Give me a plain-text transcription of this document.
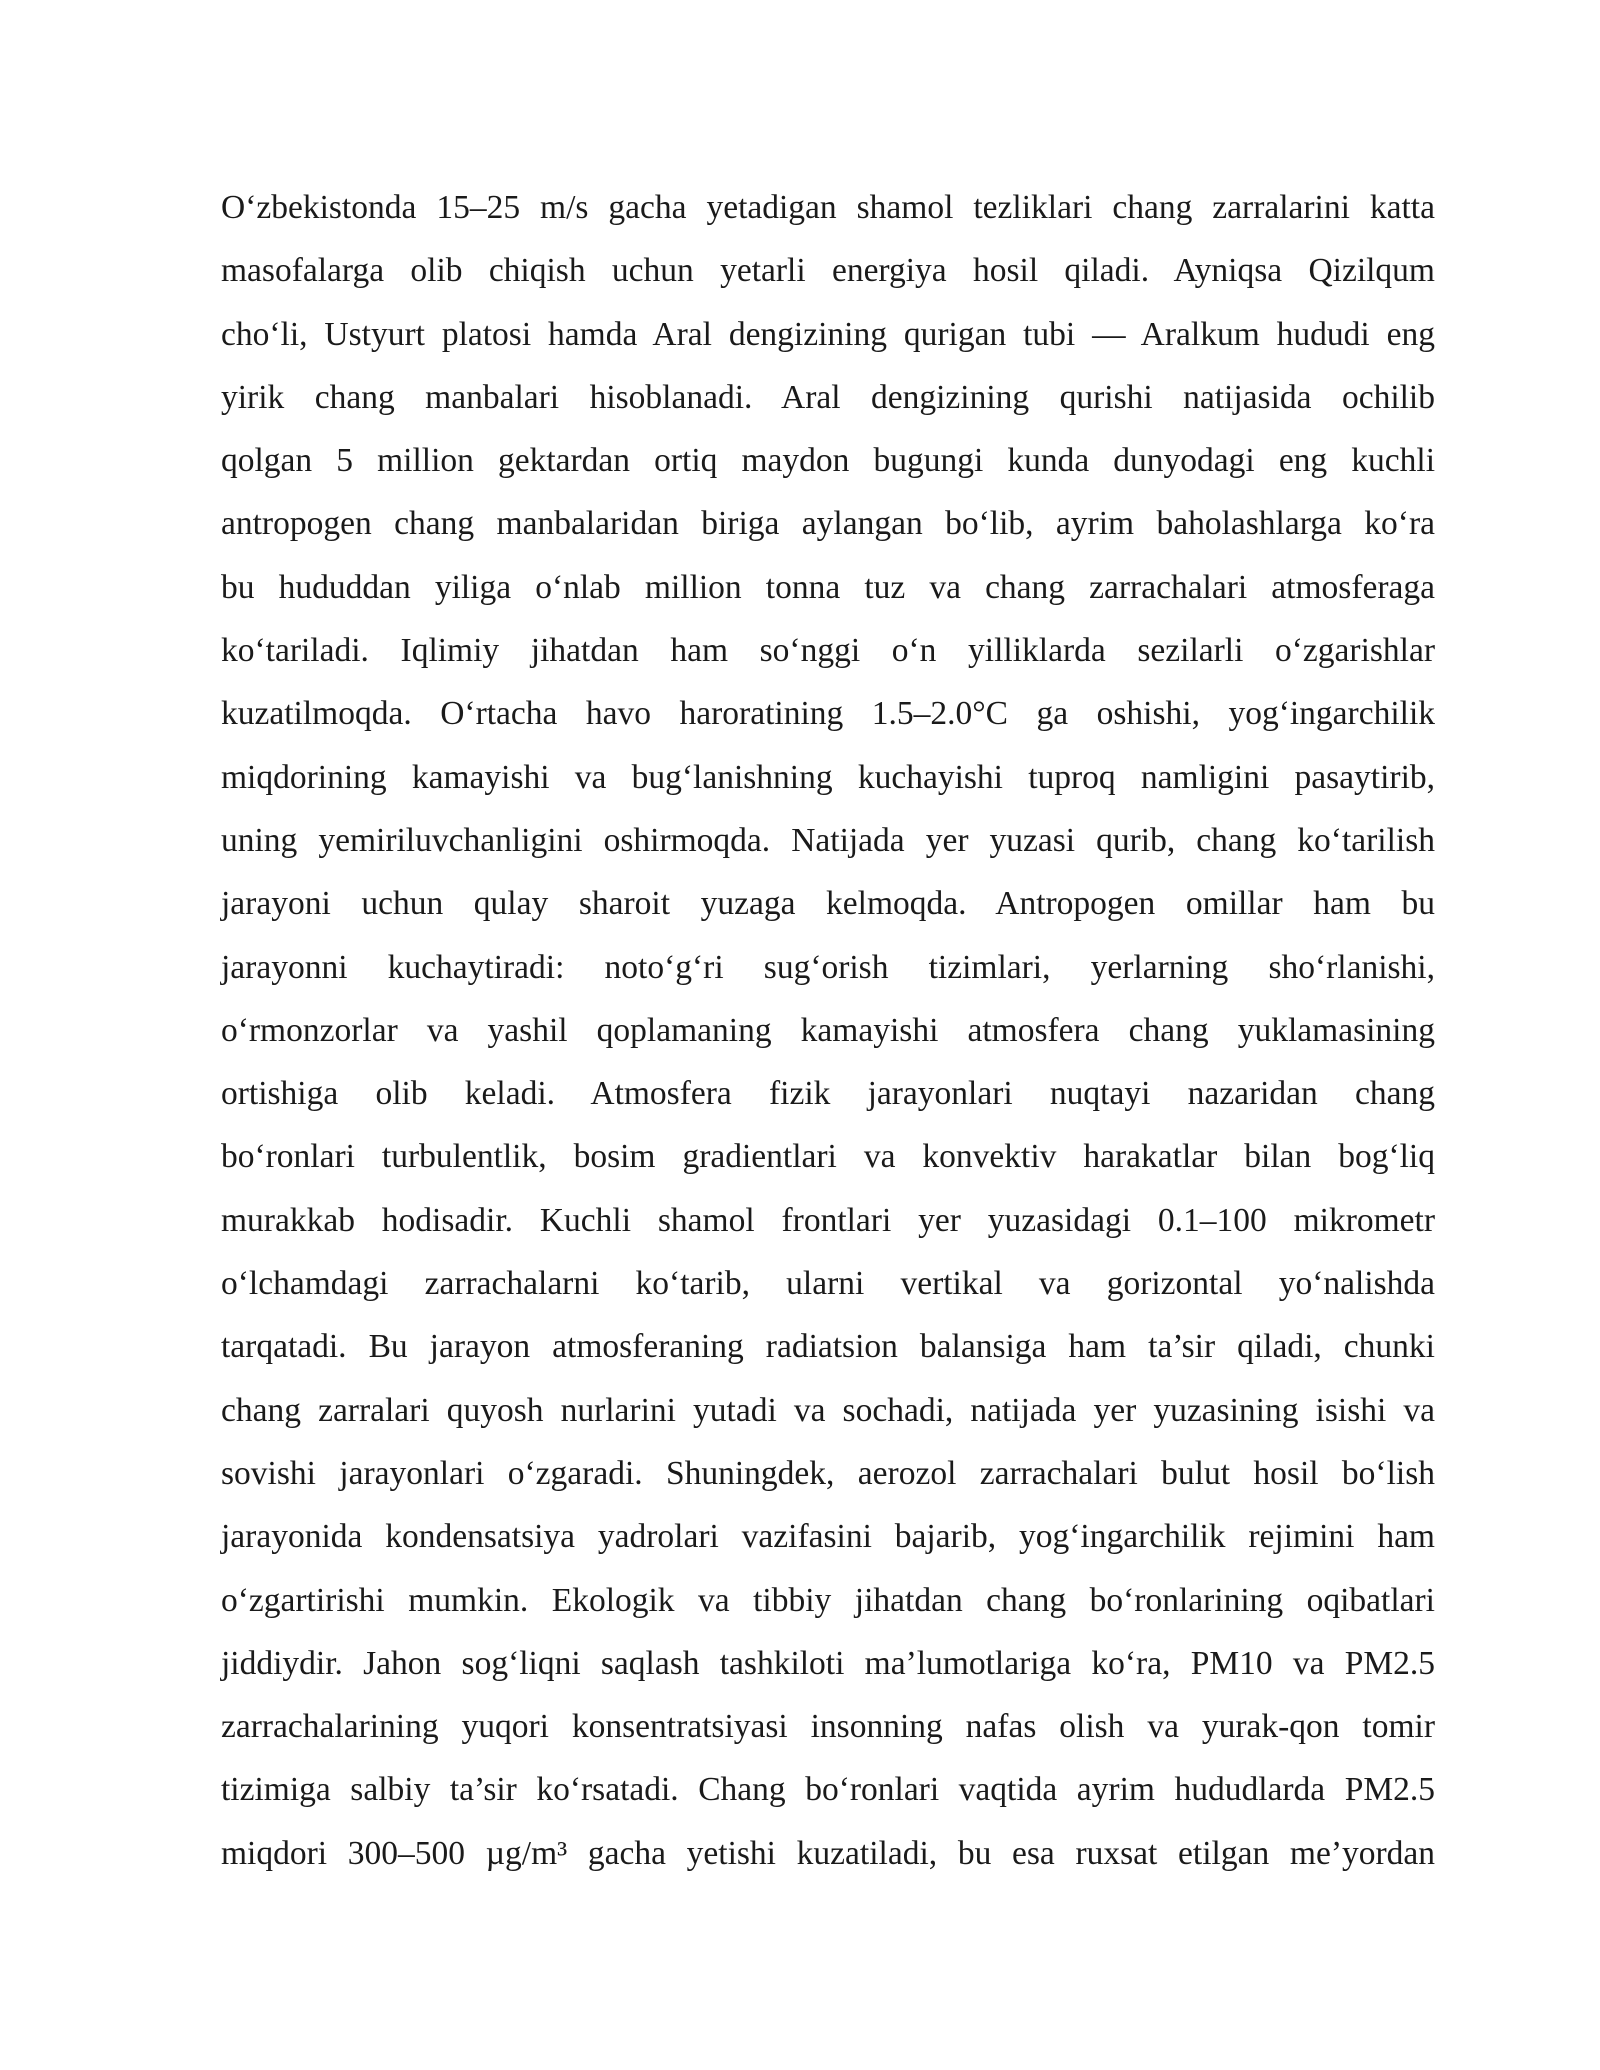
O‘zbekistonda 15–25 m/s gacha yetadigan shamol tezliklari chang zarralarini katta
masofalarga olib chiqish uchun yetarli energiya hosil qiladi. Ayniqsa Qizilqum
cho‘li, Ustyurt platosi hamda Aral dengizining qurigan tubi — Aralkum hududi eng
yirik chang manbalari hisoblanadi. Aral dengizining qurishi natijasida ochilib
qolgan 5 million gektardan ortiq maydon bugungi kunda dunyodagi eng kuchli
antropogen chang manbalaridan biriga aylangan bo‘lib, ayrim baholashlarga ko‘ra
bu hududdan yiliga o‘nlab million tonna tuz va chang zarrachalari atmosferaga
ko‘tariladi. Iqlimiy jihatdan ham so‘nggi o‘n yilliklarda sezilarli o‘zgarishlar
kuzatilmoqda. O‘rtacha havo haroratining 1.5–2.0°C ga oshishi, yog‘ingarchilik
miqdorining kamayishi va bug‘lanishning kuchayishi tuproq namligini pasaytirib,
uning yemiriluvchanligini oshirmoqda. Natijada yer yuzasi qurib, chang ko‘tarilish
jarayoni uchun qulay sharoit yuzaga kelmoqda. Antropogen omillar ham bu
jarayonni kuchaytiradi: noto‘g‘ri sug‘orish tizimlari, yerlarning sho‘rlanishi,
o‘rmonzorlar va yashil qoplamaning kamayishi atmosfera chang yuklamasining
ortishiga olib keladi. Atmosfera fizik jarayonlari nuqtayi nazaridan chang
bo‘ronlari turbulentlik, bosim gradientlari va konvektiv harakatlar bilan bog‘liq
murakkab hodisadir. Kuchli shamol frontlari yer yuzasidagi 0.1–100 mikrometr
o‘lchamdagi zarrachalarni ko‘tarib, ularni vertikal va gorizontal yo‘nalishda
tarqatadi. Bu jarayon atmosferaning radiatsion balansiga ham ta’sir qiladi, chunki
chang zarralari quyosh nurlarini yutadi va sochadi, natijada yer yuzasining isishi va
sovishi jarayonlari o‘zgaradi. Shuningdek, aerozol zarrachalari bulut hosil bo‘lish
jarayonida kondensatsiya yadrolari vazifasini bajarib, yog‘ingarchilik rejimini ham
o‘zgartirishi mumkin. Ekologik va tibbiy jihatdan chang bo‘ronlarining oqibatlari
jiddiydir. Jahon sog‘liqni saqlash tashkiloti ma’lumotlariga ko‘ra, PM10 va PM2.5
zarrachalarining yuqori konsentratsiyasi insonning nafas olish va yurak-qon tomir
tizimiga salbiy ta’sir ko‘rsatadi. Chang bo‘ronlari vaqtida ayrim hududlarda PM2.5
miqdori 300–500 µg/m³ gacha yetishi kuzatiladi, bu esa ruxsat etilgan me’yordan
